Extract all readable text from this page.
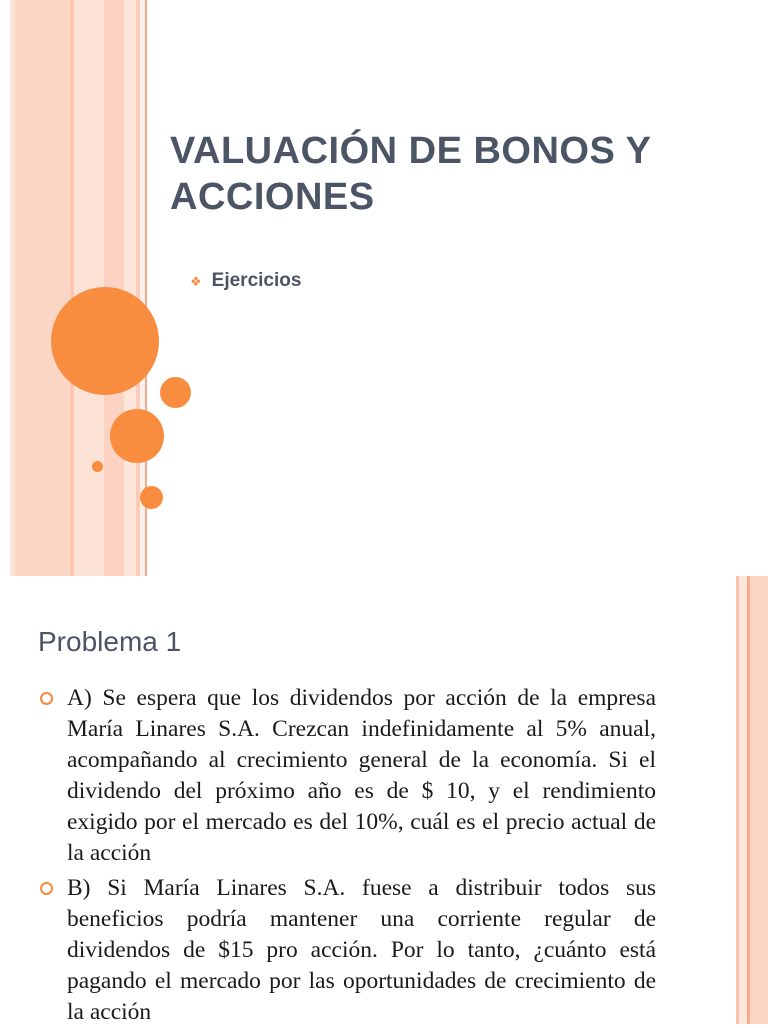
VALUACIÓN DE BONOS Y
ACCIONES
❖ Ejercicios
Problema 1
A) Se espera que los dividendos por acción de la empresa María Linares S.A. Crezcan indefinidamente al 5% anual, acompañando al crecimiento general de la economía. Si el dividendo del próximo año es de $ 10, y el rendimiento exigido por el mercado es del 10%, cuál es el precio actual de la acción
B) Si María Linares S.A. fuese a distribuir todos sus beneficios podría mantener una corriente regular de dividendos de $15 pro acción. Por lo tanto, ¿cuánto está pagando el mercado por las oportunidades de crecimiento de la acción
